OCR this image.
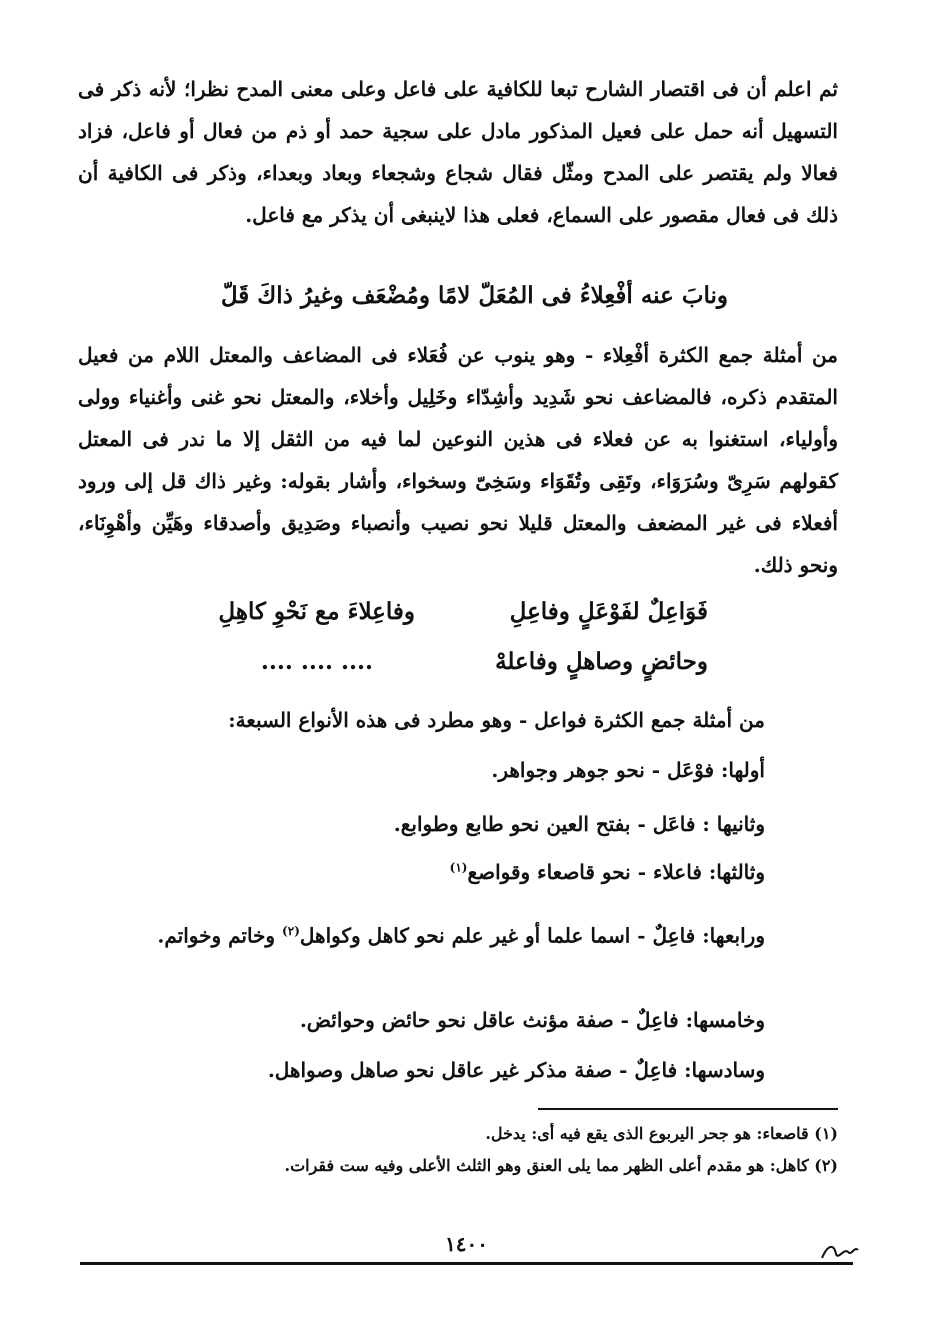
ثم اعلم أن فى اقتصار الشارح تبعا للكافية على فاعل وعلى معنى المدح نظرا؛ لأنه ذكر فى التسهيل أنه حمل على فعيل المذكور مادل على سجية حمد أو ذم من فعال أو فاعل، فزاد فعالا ولم يقتصر على المدح ومثّل فقال شجاع وشجعاء وبعاد وبعداء، وذكر فى الكافية أن ذلك فى فعال مقصور على السماع، فعلى هذا لاينبغى أن يذكر مع فاعل.
ونابَ عنه أفْعِلاءُ فى المُعَلّ لامًا ومُضْعَف وغيرُ ذاكَ قَلّ
من أمثلة جمع الكثرة أفْعِلاء - وهو ينوب عن فُعَلاء فى المضاعف والمعتل اللام من فعيل المتقدم ذكره، فالمضاعف نحو شَدِيد وأشِدّاء وخَلِيل وأخلاء، والمعتل نحو غنى وأغنياء وولى وأولياء، استغنوا به عن فعلاء فى هذين النوعين لما فيه من الثقل إلا ما ندر فى المعتل كقولهم سَرِىّ وسُرَوَاء، وتَقِى وتُقَوَاء وسَخِىّ وسخواء، وأشار بقوله: وغير ذاك قل إلى ورود أفعلاء فى غير المضعف والمعتل قليلا نحو نصيب وأنصباء وصَدِيق وأصدقاء وهَيِّن وأهْوِنَاء، ونحو ذلك.
فَوَاعِلٌ لفَوْعَلٍ وفاعِلِ
وفاعِلاءَ مع نَحْوِ كاهِلِ
وحائضٍ وصاهلٍ وفاعلهْ
.... .... ....
من أمثلة جمع الكثرة فواعل - وهو مطرد فى هذه الأنواع السبعة:
أولها: فوْعَل - نحو جوهر وجواهر.
وثانيها : فاعَل - بفتح العين نحو طابع وطوابع.
وثالثها: فاعلاء - نحو قاصعاء وقواصع$^{(١)}$
ورابعها: فاعِلٌ - اسما علما أو غير علم نحو كاهل وكواهل$^{(٢)}$ وخاتم وخواتم.
وخامسها: فاعِلٌ - صفة مؤنث عاقل نحو حائض وحوائض.
وسادسها: فاعِلٌ - صفة مذكر غير عاقل نحو صاهل وصواهل.
(١) قاصعاء: هو جحر اليربوع الذى يقع فيه أى: يدخل.
(٢) كاهل: هو مقدم أعلى الظهر مما يلى العنق وهو الثلث الأعلى وفيه ست فقرات.
١٤٠٠
